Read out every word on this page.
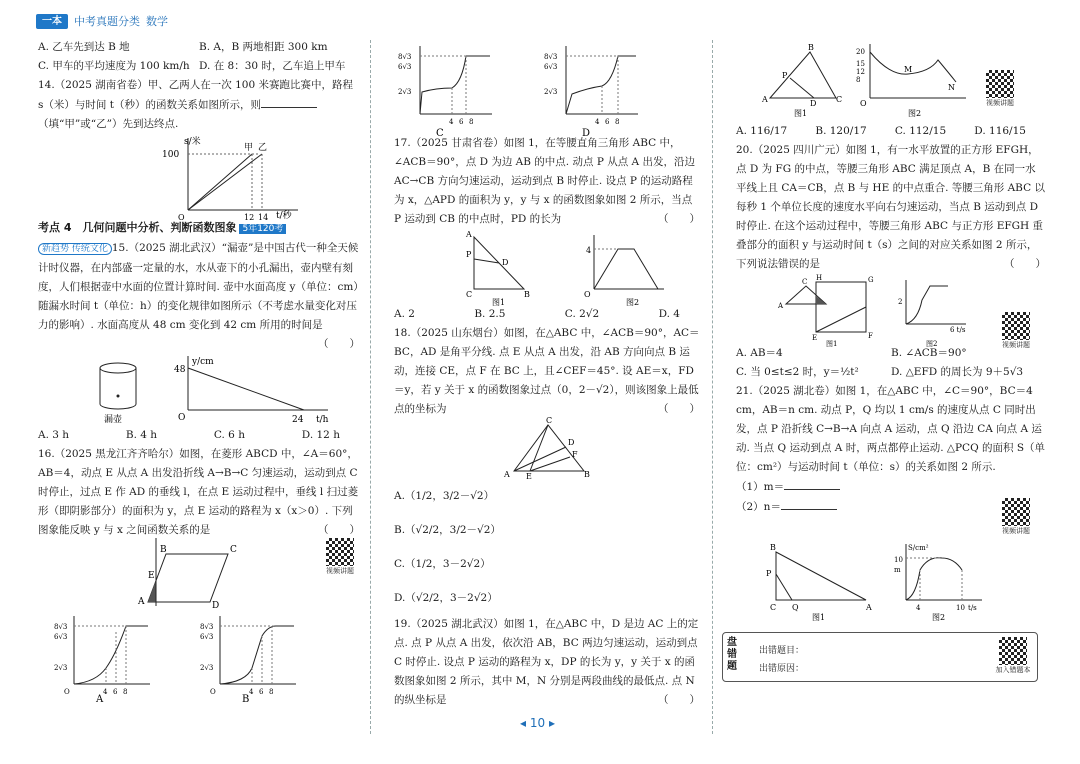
一本	中考真题分类 数学
A. 乙车先到达 B 地	B. A，B 两地相距 300 km
C. 甲车的平均速度为 100 km/h D. 在 8：30 时，乙车追上甲车

14.（2025 湖南省卷）甲、乙两人在一次 100 米赛跑比赛中，路程 s（米）与时间 t（秒）的函数关系如图所示，则（填“甲”或“乙”）先到达终点.

s/米
t/秒
100
甲 乙
12 14
O

考点 4　几何问题中分析、判断函数图象 5年120考

新趋势 传统文化 15.（2025 湖北武汉）“漏壶”是中国古代一种全天候计时仪器，在内部盛一定量的水，水从壶下的小孔漏出，壶内壁有刻度，人们根据壶中水面的位置计算时间. 壶中水面高度 y（单位：cm）随漏水时间 t（单位：h）的变化规律如图所示（不考虑水量变化对压力的影响）. 水面高度从 48 cm 变化到 42 cm 所用的时间是
（　　）

漏壶
y/cm
48
24 t/h
O
A. 3 h	B. 4 h	C. 6 h	D. 12 h

16.（2025 黑龙江齐齐哈尔）如图，在菱形 ABCD 中，∠A＝60°，AB＝4，动点 E 从点 A 出发沿折线 A→B→C 匀速运动，运动到点 C 时停止，过点 E 作 AD 的垂线 l，在点 E 运动过程中，垂线 l 扫过菱形（即阴影部分）的面积为 y，点 E 运动的路程为 x（x＞0）. 下列图象能反映 y 与 x 之间函数关系的是	（　　）

A
B	C
D
E	视频讲题
8√3
6√3
2√3
O	4 6 8
A
8√3
6√3
2√3
O	4 6 8
B
8√3
6√3
2√3
4 6 8
C
8√3
6√3
2√3
4 6 8
D

17.（2025 甘肃省卷）如图 1，在等腰直角三角形 ABC 中，∠ACB＝90°，点 D 为边 AB 的中点. 动点 P 从点 A 出发，沿边 AC→CB 方向匀速运动，运动到点 B 时停止. 设点 P 的运动路程为 x，△APD 的面积为 y，y 与 x 的函数图象如图 2 所示，当点 P 运动到 CB 的中点时，PD 的长为	（　　）

A
P
D
C	B
图1
4
O
图2
A. 2	B. 2.5	C. 2√2	D. 4

18.（2025 山东烟台）如图，在△ABC 中，∠ACB＝90°，AC＝BC，AD 是角平分线. 点 E 从点 A 出发，沿 AB 方向向点 B 运动，连接 CE，点 F 在 BC 上，且∠CEF＝45°. 设 AE＝x，FD＝y，若 y 关于 x 的函数图象过点（0，2－√2），则该图象上最低点的坐标为	（　　）

A
C
B
E
D
F

A.（1/2，3/2－√2）

B.（√2/2，3/2－√2）

C.（1/2，3－2√2）

D.（√2/2，3－2√2）

19.（2025 湖北武汉）如图 1，在△ABC 中，D 是边 AC 上的定点. 点 P 从点 A 出发，依次沿 AB，BC 两边匀速运动，运动到点 C 时停止. 设点 P 运动的路程为 x，DP 的长为 y，y 关于 x 的函数图象如图 2 所示，其中 M，N 分别是两段曲线的最低点. 点 N 的纵坐标是	（　　）

A
B
C
D
P
图1
20
15
12
8
M
N
O
图2
视频讲题
A. 116/17	B. 120/17	C. 112/15	D. 116/15

20.（2025 四川广元）如图 1，有一水平放置的正方形 EFGH，点 D 为 FG 的中点，等腰三角形 ABC 满足顶点 A，B 在同一水平线上且 CA＝CB，点 B 与 HE 的中点重合. 等腰三角形 ABC 以每秒 1 个单位长度的速度水平向右匀速运动，当点 B 运动到点 D 时停止. 在这个运动过程中，等腰三角形 ABC 与正方形 EFGH 重叠部分的面积 y 与运动时间 t（s）之间的对应关系如图 2 所示，下列说法错误的是	（　　）

H	G
A
C
F
E
图1
2
6 t/s
图2
A. AB＝4	B. ∠ACB＝90°
C. 当 0≤t≤2 时，y＝½t²	D. △EFD 的周长为 9＋5√3

21.（2025 湖北卷）如图 1，在△ABC 中，∠C＝90°，BC＝4 cm，AB＝n cm. 动点 P，Q 均以 1 cm/s 的速度从点 C 同时出发，点 P 沿折线 C→B→A 向点 A 运动，点 Q 沿边 CA 向点 A 运动. 当点 Q 运动到点 A 时，两点都停止运动. △PCQ 的面积 S（单位：cm²）与运动时间 t（单位：s）的关系如图 2 所示.

（1）m＝

（2）n＝

视频讲题
视频讲题
B
P
C Q	A
图1
S/cm²
10
m
4	10 t/s
图2
盘错题
出错题目：
出错原因：	加入错题本
◂ 10 ▸
